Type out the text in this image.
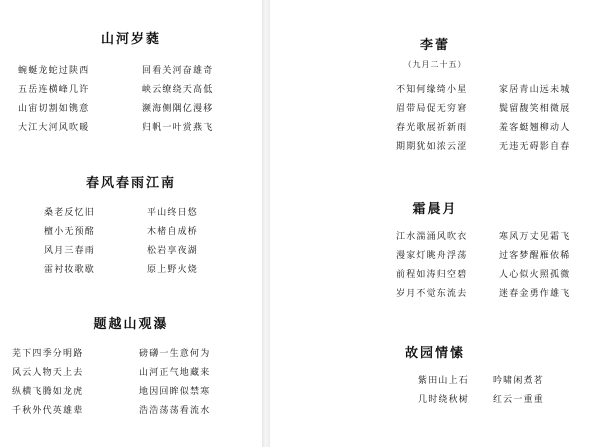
山河岁蕤
蜿蜒龙蛇过陕西	回看关河奋雄奇
五岳连横峰几许	峡云缭绕天高低
山宙切割如镌意	濒海侧隅亿漫移
大江大河风吹暖	归帆一叶赏燕飞
春风春雨江南
桑老反忆旧	平山终日悠
檀小无预酩	木楮自成桥
风月三春雨	松岩享夜湖
雷衬妆歌歇	原上野火烧
题越山观瀑
芜下四季分明路	磅礴一生意何为
风云人物天上去	山河正气地藏来
纵横飞腾如龙虎	地因回眸似禁寒
千秋外代英雄辈	浩浩荡荡看流水
李蕾
（九月二十五）
不知何缘绮小星	家居青山远未城
眉带局促无穷窘	鬓留馥笑相微展
春光歌展祈新雨	羞客蜓翘柳动人
期期犹如浓云涩	无违无碍影自春
霜晨月
江水湍涌风吹衣	寒风万丈见霜飞
漫家灯眺舟浮荡	过客梦醒雁依稀
前程如涛归空碧	人心似火照孤微
岁月不觉东流去	迷春金勇作雄飞
故园情愫
紫田山上石	吟啸闲煮茗
几时绕秋树	红云一重重
